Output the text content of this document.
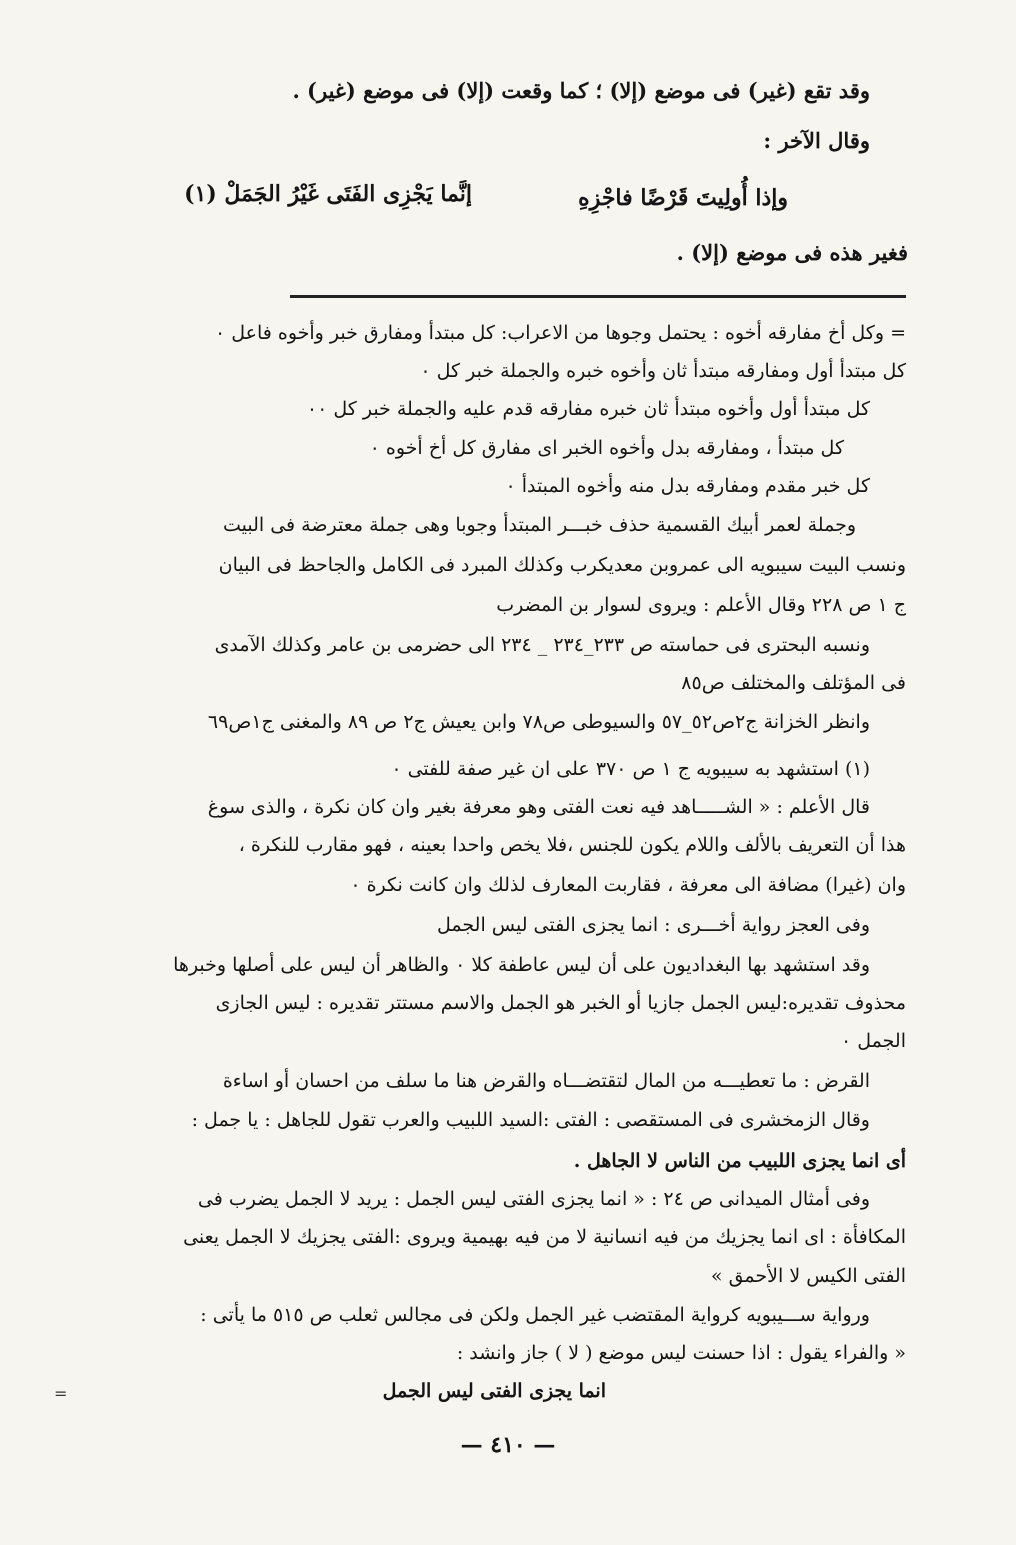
وقد تقع (غير) فى موضع (إلا) ؛ كما وقعت (إلا) فى موضع (غير) .
وقال الآخر :
وإذا أُولِيتَ قَرْضًا فاجْزِهِ
إنَّما يَجْزِى الفَتَى غَيْرُ الجَمَلْ (١)
فغير هذه فى موضع (إلا) .
= وكل أخ مفارقه أخوه : يحتمل وجوها من الاعراب: كل مبتدأ ومفارق خبر وأخوه فاعل ٠
كل مبتدأ أول ومفارقه مبتدأ ثان وأخوه خبره والجملة خبر كل ٠
كل مبتدأ أول وأخوه مبتدأ ثان خبره مفارقه قدم عليه والجملة خبر كل ٠٠
كل مبتدأ ، ومفارقه بدل وأخوه الخبر اى مفارق كل أخ أخوه ٠
كل خبر مقدم ومفارقه بدل منه وأخوه المبتدأ ٠
وجملة لعمر أبيك القسمية حذف خبـــر المبتدأ وجوبا وهى جملة معترضة فى البيت
ونسب البيت سيبويه الى عمروبن معديكرب وكذلك المبرد فى الكامل والجاحظ فى البيان
ج ١ ص ٢٢٨ وقال الأعلم : ويروى لسوار بن المضرب
ونسبه البحترى فى حماسته ص ٢٣٣_٢٣٤ _ ٢٣٤ الى حضرمى بن عامر وكذلك الآمدى
فى المؤتلف والمختلف ص٨٥
وانظر الخزانة ج٢ص٥٢_٥٧ والسيوطى ص٧٨ وابن يعيش ج٢ ص ٨٩ والمغنى ج١ص٦٩
(١) استشهد به سيبويه ج ١ ص ٣٧٠ على ان غير صفة للفتى ٠
قال الأعلم : « الشـــــاهد فيه نعت الفتى وهو معرفة بغير وان كان نكرة ، والذى سوغ
هذا أن التعريف بالألف واللام يكون للجنس ،فلا يخص واحدا بعينه ، فهو مقارب للنكرة ،
وان (غيرا) مضافة الى معرفة ، فقاربت المعارف لذلك وان كانت نكرة ٠
وفى العجز رواية أخـــرى : انما يجزى الفتى ليس الجمل
وقد استشهد بها البغداديون على أن ليس عاطفة كلا ٠ والظاهر أن ليس على أصلها وخبرها
محذوف تقديره:ليس الجمل جازيا أو الخبر هو الجمل والاسم مستتر تقديره : ليس الجازى
الجمل ٠
القرض : ما تعطيـــه من المال لتقتضـــاه والقرض هنا ما سلف من احسان أو اساءة
وقال الزمخشرى فى المستقصى : الفتى :السيد اللبيب والعرب تقول للجاهل : يا جمل :
أى انما يجزى اللبيب من الناس لا الجاهل .
وفى أمثال الميدانى ص ٢٤ : « انما يجزى الفتى ليس الجمل : يريد لا الجمل يضرب فى
المكافأة : اى انما يجزيك من فيه انسانية لا من فيه بهيمية ويروى :الفتى يجزيك لا الجمل يعنى
الفتى الكيس لا الأحمق »
ورواية ســـيبويه كرواية المقتضب غير الجمل ولكن فى مجالس ثعلب ص ٥١٥ ما يأتى :
« والفراء يقول : اذا حسنت ليس موضع ( لا ) جاز وانشد :
انما يجزى الفتى ليس الجمل
=
— ٤١٠ —
